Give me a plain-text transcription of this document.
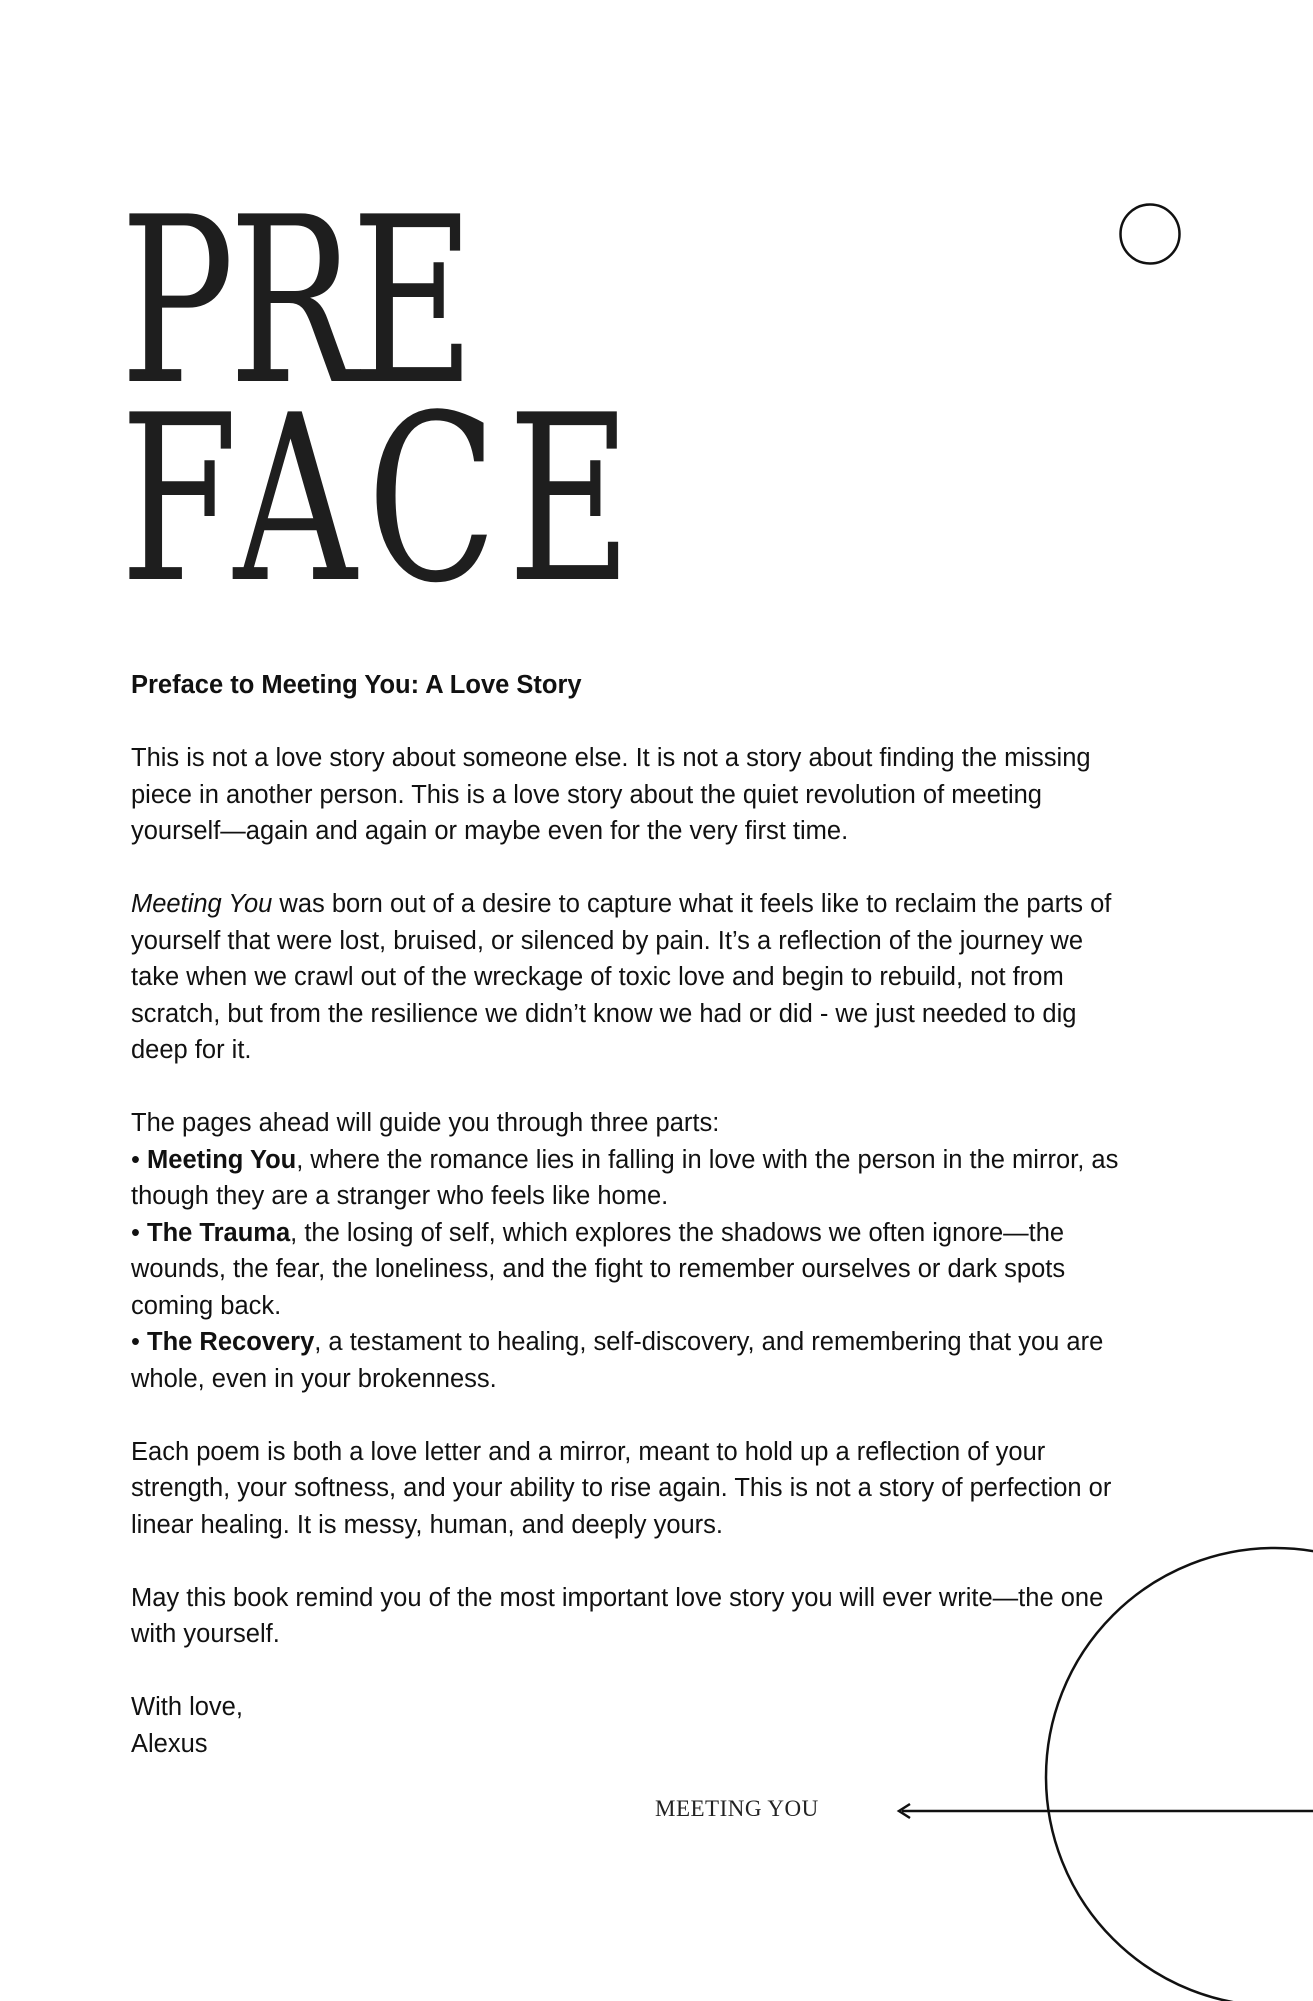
PRE
FACE

Preface to Meeting You: A Love Story

This is not a love story about someone else. It is not a story about finding the missing piece in another person. This is a love story about the quiet revolution of meeting yourself—again and again or maybe even for the very first time.

Meeting You was born out of a desire to capture what it feels like to reclaim the parts of yourself that were lost, bruised, or silenced by pain. It’s a reflection of the journey we take when we crawl out of the wreckage of toxic love and begin to rebuild, not from scratch, but from the resilience we didn’t know we had or did - we just needed to dig deep for it.

The pages ahead will guide you through three parts:

• Meeting You, where the romance lies in falling in love with the person in the mirror, as though they are a stranger who feels like home.

• The Trauma, the losing of self, which explores the shadows we often ignore—the wounds, the fear, the loneliness, and the fight to remember ourselves or dark spots coming back.

• The Recovery, a testament to healing, self-discovery, and remembering that you are whole, even in your brokenness.

Each poem is both a love letter and a mirror, meant to hold up a reflection of your strength, your softness, and your ability to rise again. This is not a story of perfection or linear healing. It is messy, human, and deeply yours.

May this book remind you of the most important love story you will ever write—the one with yourself.

With love,

Alexus

MEETING YOU
